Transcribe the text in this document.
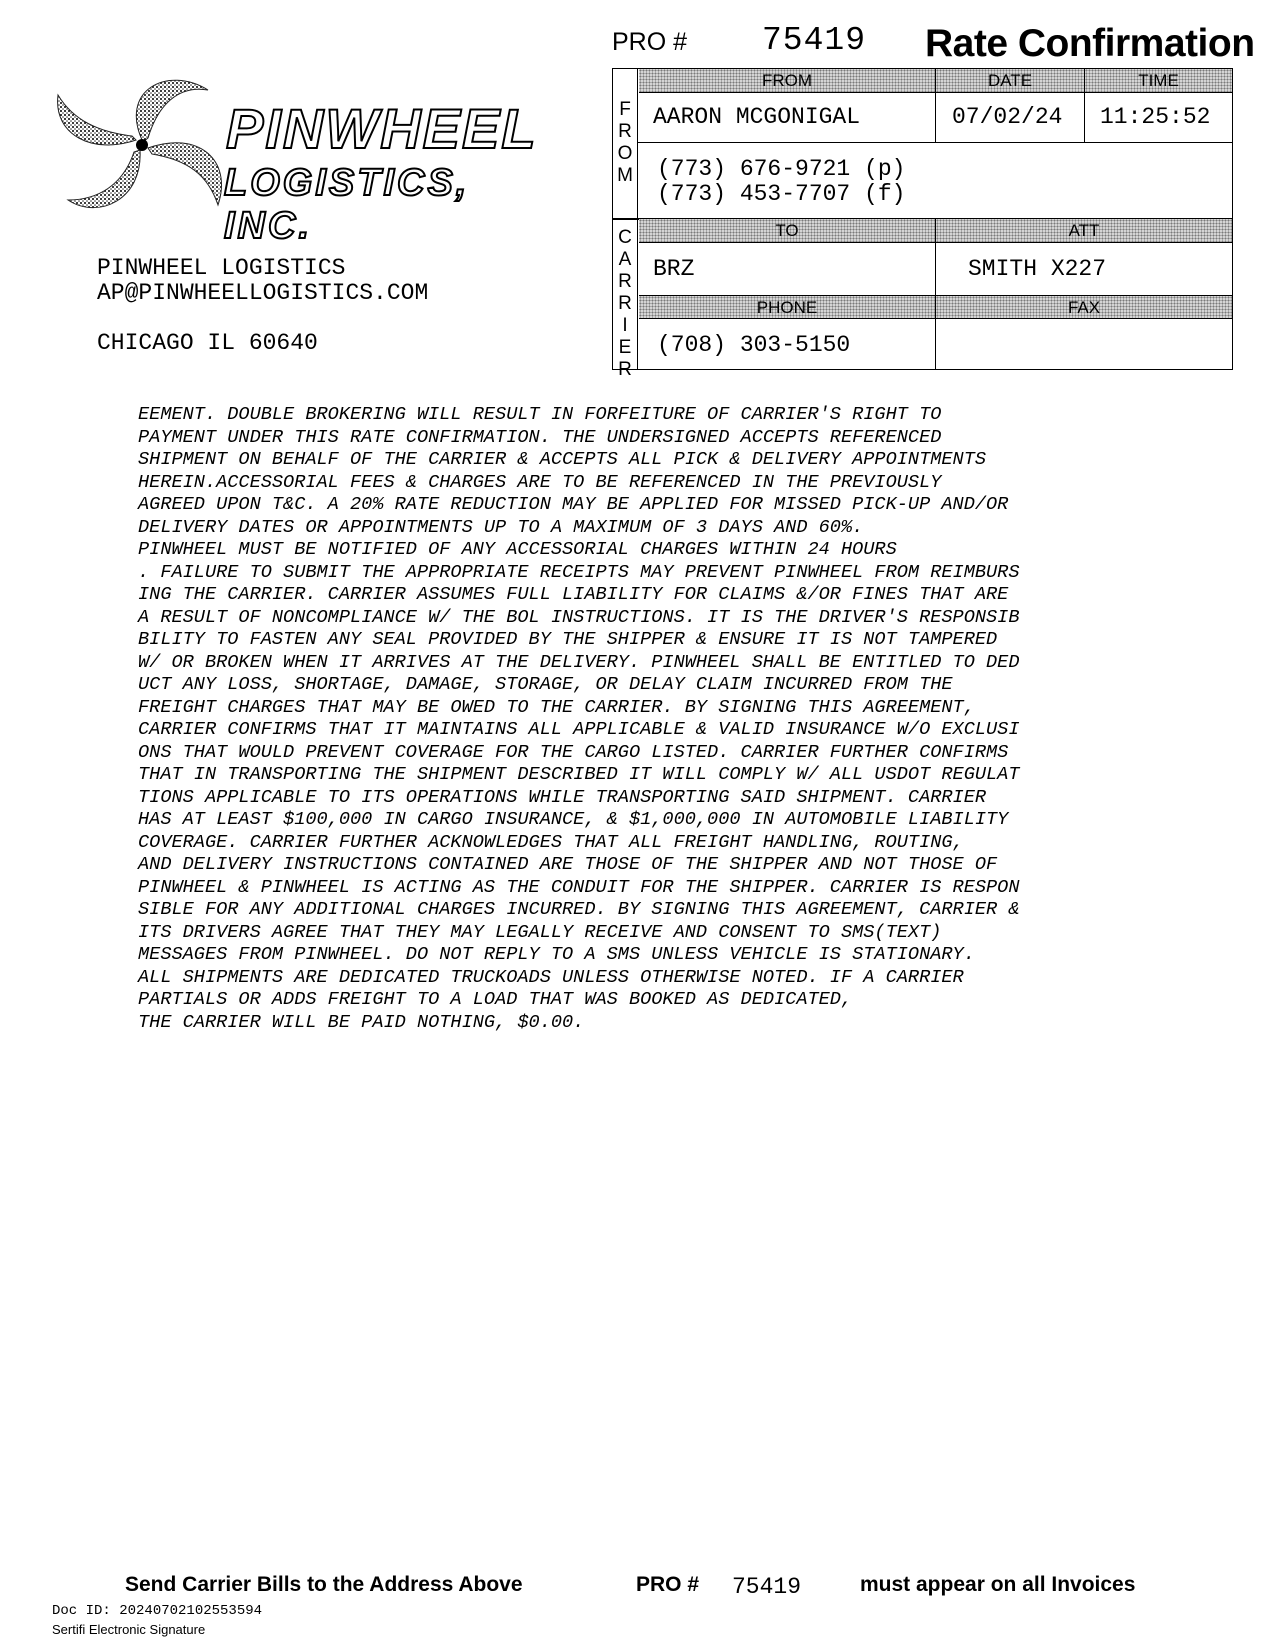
PINWHEEL
LOGISTICS, INC.
PINWHEEL LOGISTICS
AP@PINWHEELLOGISTICS.COM
CHICAGO IL 60640
PRO # 75419 Rate Confirmation
F
R
O
M
FROM	DATE	TIME
AARON MCGONIGAL	07/02/24 11:25:52
(773) 676-9721 (p)
(773) 453-7707 (f)
C
A
R
R
I
E
R
TO	ATT
BRZ	SMITH X227
PHONE	FAX
(708) 303-5150
EEMENT. DOUBLE BROKERING WILL RESULT IN FORFEITURE OF CARRIER'S RIGHT TO
PAYMENT UNDER THIS RATE CONFIRMATION. THE UNDERSIGNED ACCEPTS REFERENCED
SHIPMENT ON BEHALF OF THE CARRIER & ACCEPTS ALL PICK & DELIVERY APPOINTMENTS
HEREIN.ACCESSORIAL FEES & CHARGES ARE TO BE REFERENCED IN THE PREVIOUSLY
AGREED UPON T&C. A 20% RATE REDUCTION MAY BE APPLIED FOR MISSED PICK-UP AND/OR
DELIVERY DATES OR APPOINTMENTS UP TO A MAXIMUM OF 3 DAYS AND 60%.
PINWHEEL MUST BE NOTIFIED OF ANY ACCESSORIAL CHARGES WITHIN 24 HOURS
. FAILURE TO SUBMIT THE APPROPRIATE RECEIPTS MAY PREVENT PINWHEEL FROM REIMBURS
ING THE CARRIER. CARRIER ASSUMES FULL LIABILITY FOR CLAIMS &/OR FINES THAT ARE
A RESULT OF NONCOMPLIANCE W/ THE BOL INSTRUCTIONS. IT IS THE DRIVER'S RESPONSIB
BILITY TO FASTEN ANY SEAL PROVIDED BY THE SHIPPER & ENSURE IT IS NOT TAMPERED
W/ OR BROKEN WHEN IT ARRIVES AT THE DELIVERY. PINWHEEL SHALL BE ENTITLED TO DED
UCT ANY LOSS, SHORTAGE, DAMAGE, STORAGE, OR DELAY CLAIM INCURRED FROM THE
FREIGHT CHARGES THAT MAY BE OWED TO THE CARRIER. BY SIGNING THIS AGREEMENT,
CARRIER CONFIRMS THAT IT MAINTAINS ALL APPLICABLE & VALID INSURANCE W/O EXCLUSI
ONS THAT WOULD PREVENT COVERAGE FOR THE CARGO LISTED. CARRIER FURTHER CONFIRMS
THAT IN TRANSPORTING THE SHIPMENT DESCRIBED IT WILL COMPLY W/ ALL USDOT REGULAT
TIONS APPLICABLE TO ITS OPERATIONS WHILE TRANSPORTING SAID SHIPMENT. CARRIER
HAS AT LEAST $100,000 IN CARGO INSURANCE, & $1,000,000 IN AUTOMOBILE LIABILITY
COVERAGE. CARRIER FURTHER ACKNOWLEDGES THAT ALL FREIGHT HANDLING, ROUTING,
AND DELIVERY INSTRUCTIONS CONTAINED ARE THOSE OF THE SHIPPER AND NOT THOSE OF
PINWHEEL & PINWHEEL IS ACTING AS THE CONDUIT FOR THE SHIPPER. CARRIER IS RESPON
SIBLE FOR ANY ADDITIONAL CHARGES INCURRED. BY SIGNING THIS AGREEMENT, CARRIER &
ITS DRIVERS AGREE THAT THEY MAY LEGALLY RECEIVE AND CONSENT TO SMS(TEXT)
MESSAGES FROM PINWHEEL. DO NOT REPLY TO A SMS UNLESS VEHICLE IS STATIONARY.
ALL SHIPMENTS ARE DEDICATED TRUCKOADS UNLESS OTHERWISE NOTED. IF A CARRIER
PARTIALS OR ADDS FREIGHT TO A LOAD THAT WAS BOOKED AS DEDICATED,
THE CARRIER WILL BE PAID NOTHING, $0.00.
Send Carrier Bills to the Address Above	PRO # 75419	must appear on all Invoices
Doc ID: 20240702102553594
Sertifi Electronic Signature
